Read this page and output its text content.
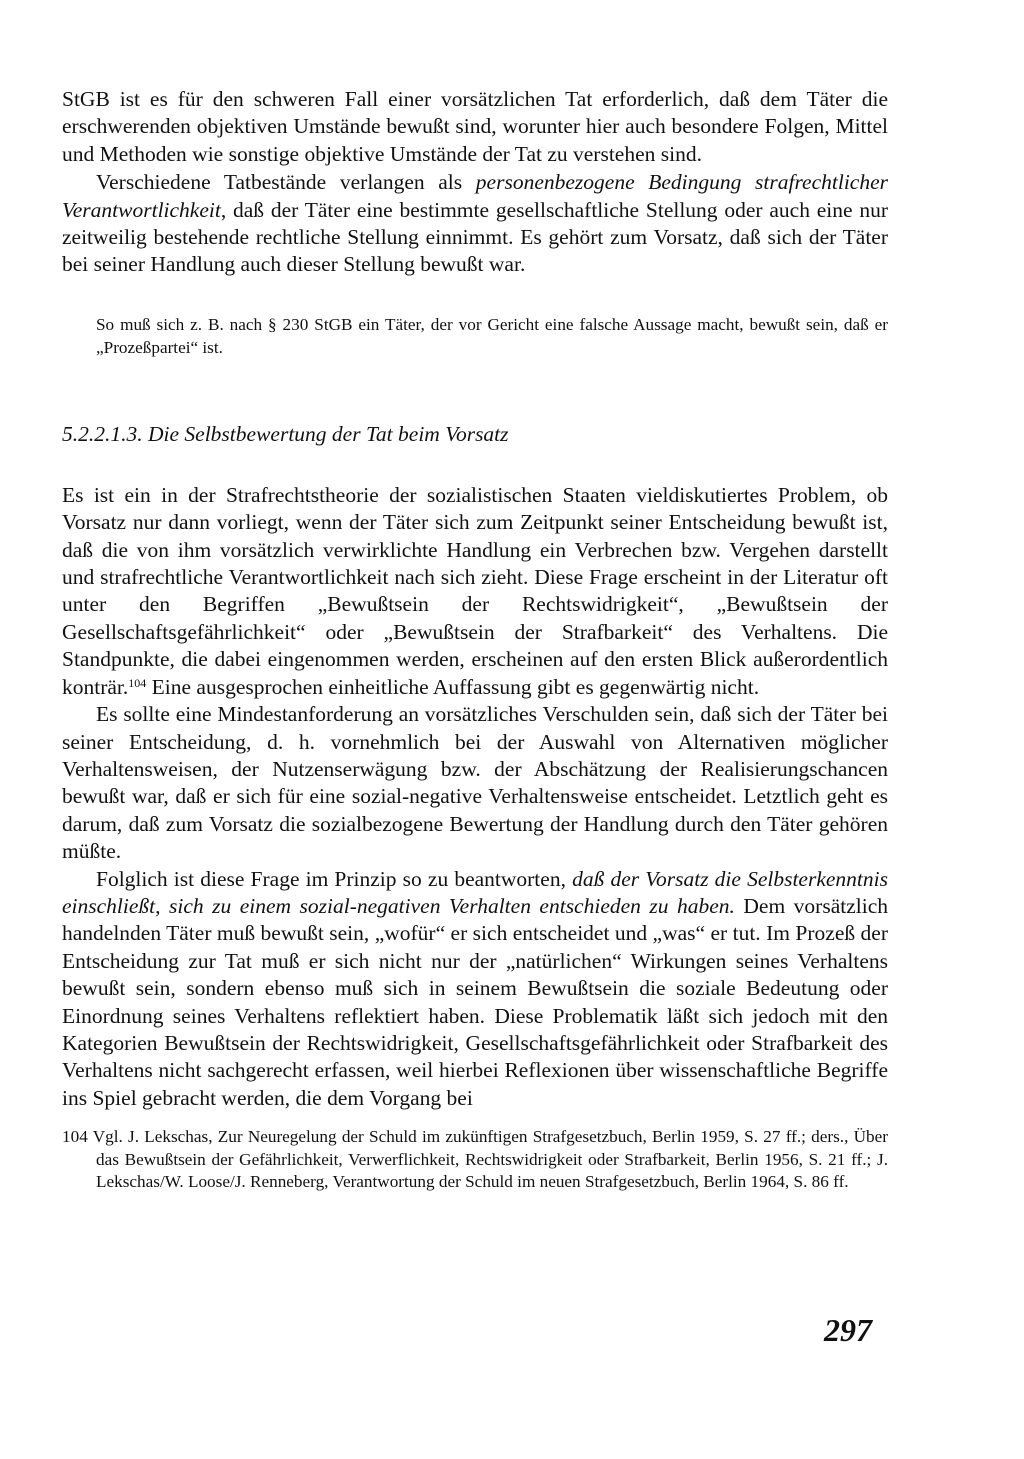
StGB ist es für den schweren Fall einer vorsätzlichen Tat erforderlich, daß dem Täter die erschwerenden objektiven Umstände bewußt sind, worunter hier auch besondere Folgen, Mittel und Methoden wie sonstige objektive Umstände der Tat zu verstehen sind.

Verschiedene Tatbestände verlangen als personenbezogene Bedingung strafrechtlicher Verantwortlichkeit, daß der Täter eine bestimmte gesellschaftliche Stellung oder auch eine nur zeitweilig bestehende rechtliche Stellung einnimmt. Es gehört zum Vorsatz, daß sich der Täter bei seiner Handlung auch dieser Stellung bewußt war.

So muß sich z. B. nach § 230 StGB ein Täter, der vor Gericht eine falsche Aussage macht, bewußt sein, daß er „Prozeßpartei“ ist.

5.2.2.1.3. Die Selbstbewertung der Tat beim Vorsatz

Es ist ein in der Strafrechtstheorie der sozialistischen Staaten vieldiskutiertes Problem, ob Vorsatz nur dann vorliegt, wenn der Täter sich zum Zeitpunkt seiner Entscheidung bewußt ist, daß die von ihm vorsätzlich verwirklichte Handlung ein Verbrechen bzw. Vergehen darstellt und strafrechtliche Verantwortlichkeit nach sich zieht. Diese Frage erscheint in der Literatur oft unter den Begriffen „Bewußtsein der Rechtswidrigkeit“, „Bewußtsein der Gesellschaftsgefährlichkeit“ oder „Bewußtsein der Strafbarkeit“ des Verhaltens. Die Standpunkte, die dabei eingenommen werden, erscheinen auf den ersten Blick außerordentlich konträr.$^{104}$ Eine ausgesprochen einheitliche Auffassung gibt es gegenwärtig nicht.

Es sollte eine Mindestanforderung an vorsätzliches Verschulden sein, daß sich der Täter bei seiner Entscheidung, d. h. vornehmlich bei der Auswahl von Alternativen möglicher Verhaltensweisen, der Nutzenserwägung bzw. der Abschätzung der Realisierungschancen bewußt war, daß er sich für eine sozial-negative Verhaltensweise entscheidet. Letztlich geht es darum, daß zum Vorsatz die sozialbezogene Bewertung der Handlung durch den Täter gehören müßte.

Folglich ist diese Frage im Prinzip so zu beantworten, daß der Vorsatz die Selbsterkenntnis einschließt, sich zu einem sozial-negativen Verhalten entschieden zu haben. Dem vorsätzlich handelnden Täter muß bewußt sein, „wofür“ er sich entscheidet und „was“ er tut. Im Prozeß der Entscheidung zur Tat muß er sich nicht nur der „natürlichen“ Wirkungen seines Verhaltens bewußt sein, sondern ebenso muß sich in seinem Bewußtsein die soziale Bedeutung oder Einordnung seines Verhaltens reflektiert haben. Diese Problematik läßt sich jedoch mit den Kategorien Bewußtsein der Rechtswidrigkeit, Gesellschaftsgefährlichkeit oder Strafbarkeit des Verhaltens nicht sachgerecht erfassen, weil hierbei Reflexionen über wissenschaftliche Begriffe ins Spiel gebracht werden, die dem Vorgang bei

104 Vgl. J. Lekschas, Zur Neuregelung der Schuld im zukünftigen Strafgesetzbuch, Berlin 1959, S. 27 ff.; ders., Über das Bewußtsein der Gefährlichkeit, Verwerflichkeit, Rechtswidrigkeit oder Strafbarkeit, Berlin 1956, S. 21 ff.; J. Lekschas/W. Loose/J. Renneberg, Verantwortung der Schuld im neuen Strafgesetzbuch, Berlin 1964, S. 86 ff.

297
